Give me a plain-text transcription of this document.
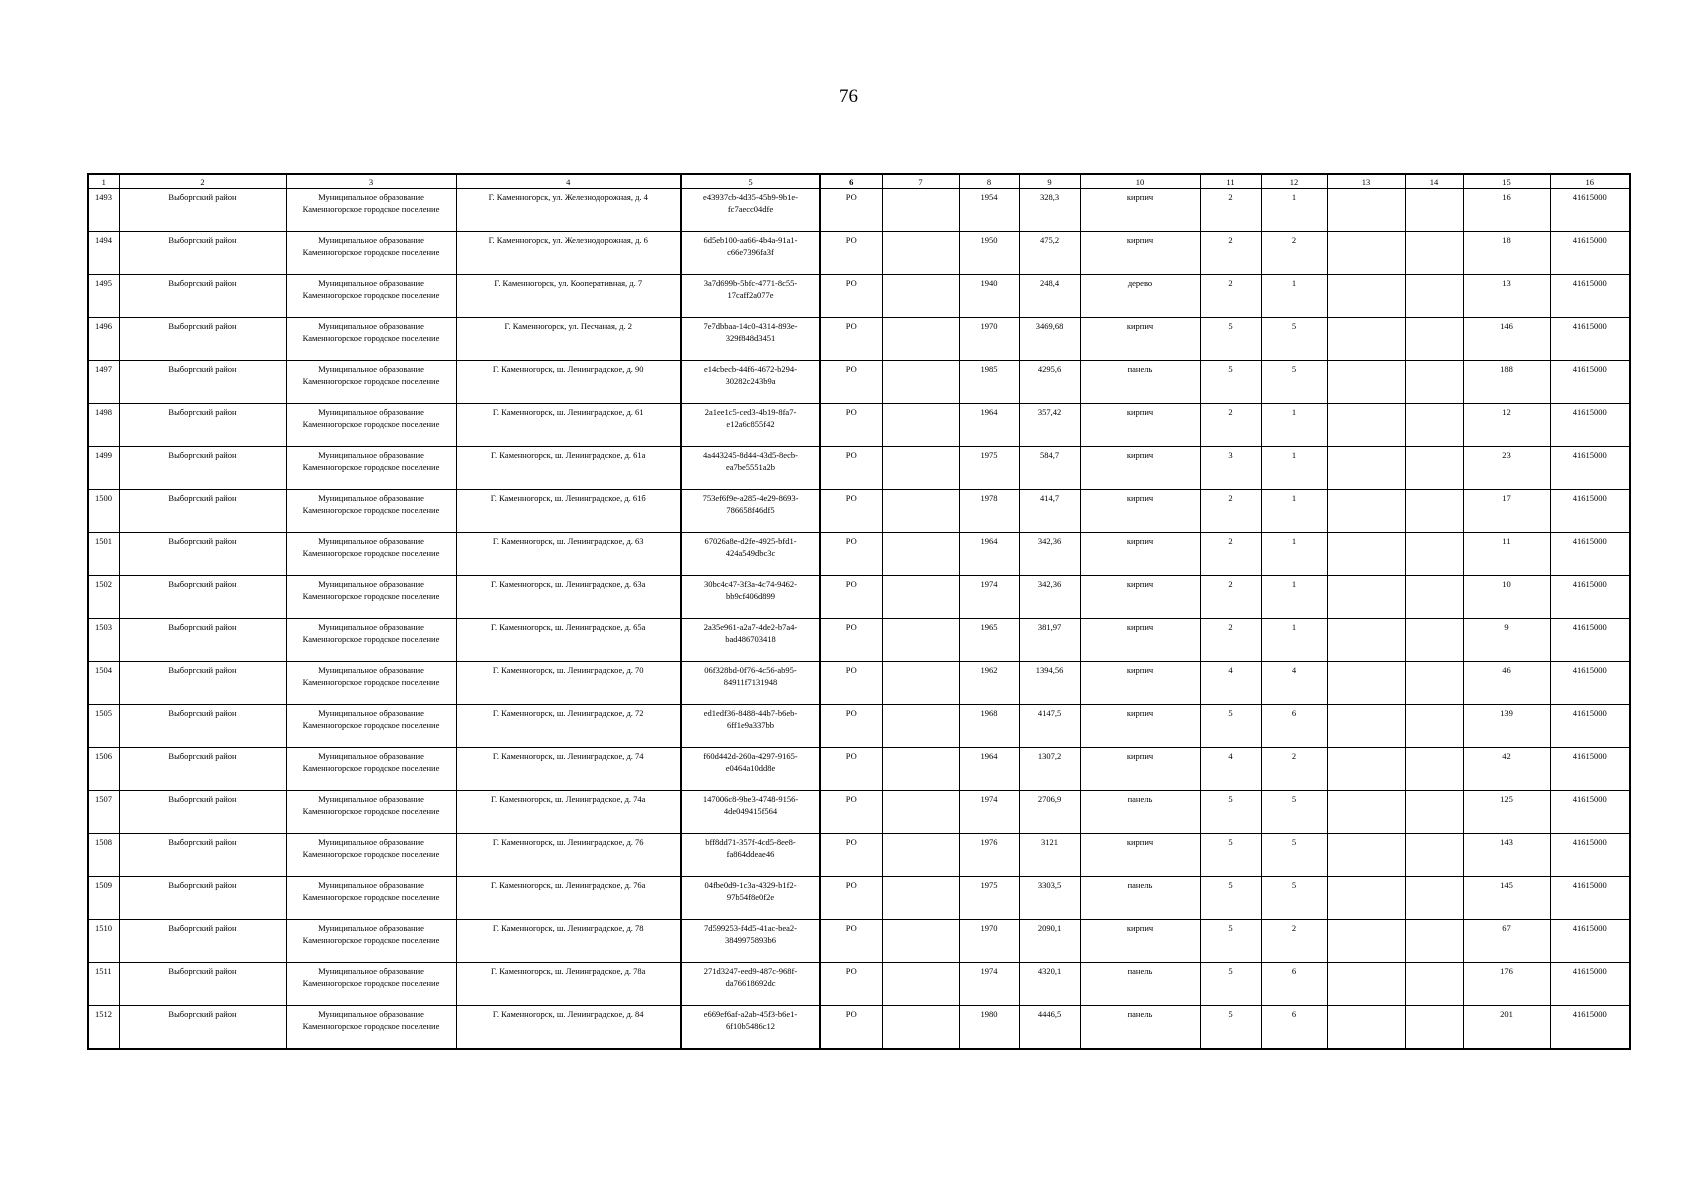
76
1	2	3	4	5	6	7	8	9	10	11	12	13	14	15	16
1493	Выборгский район	Муниципальное образование Каменногорское городское поселение	Г. Каменногорск, ул. Железнодорожная, д. 4	e43937cb-4d35-45b9-9b1e-fc7aecc04dfe	РО		1954	328,3	кирпич	2	1			16	41615000
1494	Выборгский район	Муниципальное образование Каменногорское городское поселение	Г. Каменногорск, ул. Железнодорожная, д. 6	6d5eb100-aa66-4b4a-91a1-c66e7396fa3f	РО		1950	475,2	кирпич	2	2			18	41615000
1495	Выборгский район	Муниципальное образование Каменногорское городское поселение	Г. Каменногорск, ул. Кооперативная, д. 7	3a7d699b-5bfc-4771-8c55-17caff2a077e	РО		1940	248,4	дерево	2	1			13	41615000
1496	Выборгский район	Муниципальное образование Каменногорское городское поселение	Г. Каменногорск, ул. Песчаная, д. 2	7e7dbbaa-14c0-4314-893e-329f848d3451	РО		1970	3469,68	кирпич	5	5			146	41615000
1497	Выборгский район	Муниципальное образование Каменногорское городское поселение	Г. Каменногорск, ш. Ленинградское, д. 90	e14cbecb-44f6-4672-b294-30282c243b9a	РО		1985	4295,6	панель	5	5			188	41615000
1498	Выборгский район	Муниципальное образование Каменногорское городское поселение	Г. Каменногорск, ш. Ленинградское, д. 61	2a1ee1c5-ced3-4b19-8fa7-e12a6c855f42	РО		1964	357,42	кирпич	2	1			12	41615000
1499	Выборгский район	Муниципальное образование Каменногорское городское поселение	Г. Каменногорск, ш. Ленинградское, д. 61а	4a443245-8d44-43d5-8ecb-ea7be5551a2b	РО		1975	584,7	кирпич	3	1			23	41615000
1500	Выборгский район	Муниципальное образование Каменногорское городское поселение	Г. Каменногорск, ш. Ленинградское, д. 61б	753ef6f9e-a285-4e29-8693-786658f46df5	РО		1978	414,7	кирпич	2	1			17	41615000
1501	Выборгский район	Муниципальное образование Каменногорское городское поселение	Г. Каменногорск, ш. Ленинградское, д. 63	67026a8e-d2fe-4925-bfd1-424a549dbc3c	РО		1964	342,36	кирпич	2	1			11	41615000
1502	Выборгский район	Муниципальное образование Каменногорское городское поселение	Г. Каменногорск, ш. Ленинградское, д. 63а	30bc4c47-3f3a-4c74-9462-bb9cf406d899	РО		1974	342,36	кирпич	2	1			10	41615000
1503	Выборгский район	Муниципальное образование Каменногорское городское поселение	Г. Каменногорск, ш. Ленинградское, д. 65а	2a35e961-a2a7-4de2-b7a4-bad486703418	РО		1965	381,97	кирпич	2	1			9	41615000
1504	Выборгский район	Муниципальное образование Каменногорское городское поселение	Г. Каменногорск, ш. Ленинградское, д. 70	06f328bd-0f76-4c56-ab95-84911f7131948	РО		1962	1394,56	кирпич	4	4			46	41615000
1505	Выборгский район	Муниципальное образование Каменногорское городское поселение	Г. Каменногорск, ш. Ленинградское, д. 72	ed1edf36-8488-44b7-b6eb-6ff1e9a337bb	РО		1968	4147,5	кирпич	5	6			139	41615000
1506	Выборгский район	Муниципальное образование Каменногорское городское поселение	Г. Каменногорск, ш. Ленинградское, д. 74	f60d442d-260a-4297-9165-e0464a10dd8e	РО		1964	1307,2	кирпич	4	2			42	41615000
1507	Выборгский район	Муниципальное образование Каменногорское городское поселение	Г. Каменногорск, ш. Ленинградское, д. 74а	147006c8-9be3-4748-9156-4de049415f564	РО		1974	2706,9	панель	5	5			125	41615000
1508	Выборгский район	Муниципальное образование Каменногорское городское поселение	Г. Каменногорск, ш. Ленинградское, д. 76	bff8dd71-357f-4cd5-8ee8-fa864ddeae46	РО		1976	3121	кирпич	5	5			143	41615000
1509	Выборгский район	Муниципальное образование Каменногорское городское поселение	Г. Каменногорск, ш. Ленинградское, д. 76а	04fbe0d9-1c3a-4329-b1f2-97b54f8e0f2e	РО		1975	3303,5	панель	5	5			145	41615000
1510	Выборгский район	Муниципальное образование Каменногорское городское поселение	Г. Каменногорск, ш. Ленинградское, д. 78	7d599253-f4d5-41ac-bea2-3849975893b6	РО		1970	2090,1	кирпич	5	2			67	41615000
1511	Выборгский район	Муниципальное образование Каменногорское городское поселение	Г. Каменногорск, ш. Ленинградское, д. 78а	271d3247-eed9-487c-968f-da76618692dc	РО		1974	4320,1	панель	5	6			176	41615000
1512	Выборгский район	Муниципальное образование Каменногорское городское поселение	Г. Каменногорск, ш. Ленинградское, д. 84	e669ef6af-a2ab-45f3-b6e1-6f10b5486c12	РО		1980	4446,5	панель	5	6			201	41615000
